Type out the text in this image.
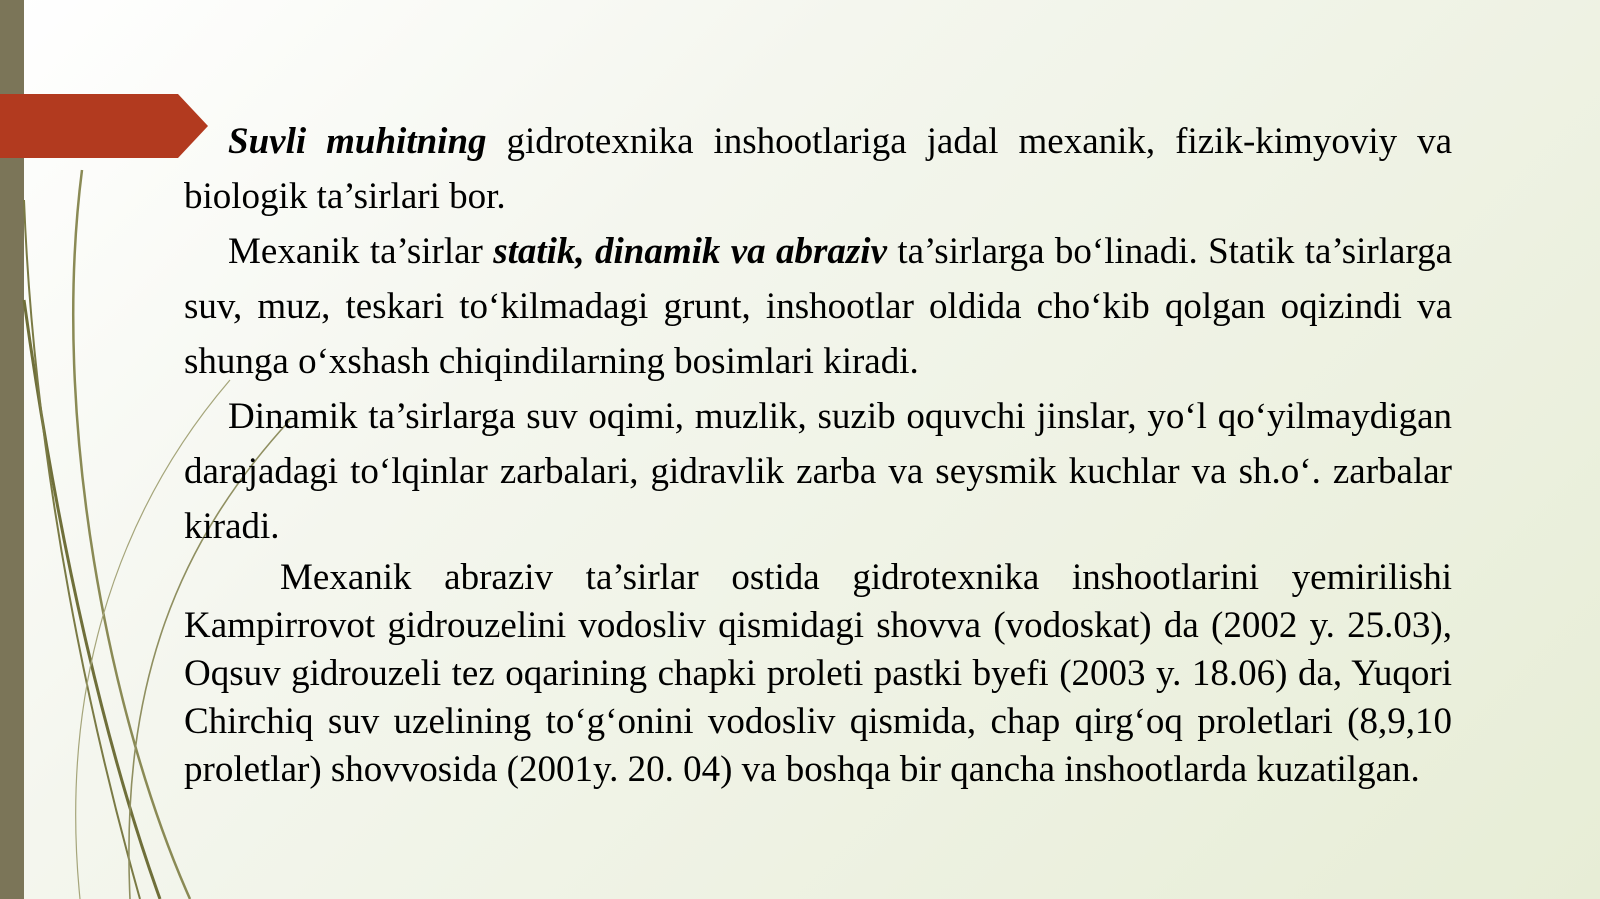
Suvli muhitning gidrotexnika inshootlariga jadal mexanik, fizik-kimyoviy va biologik ta’sirlari bor.

Mexanik ta’sirlar statik, dinamik va abraziv ta’sirlarga bo‘linadi. Statik ta’sirlarga suv, muz, teskari to‘kilmadagi grunt, inshootlar oldida cho‘kib qolgan oqizindi va shunga o‘xshash chiqindilarning bosimlari kiradi.

Dinamik ta’sirlarga suv oqimi, muzlik, suzib oquvchi jinslar, yo‘l qo‘yilmaydigan darajadagi to‘lqinlar zarbalari, gidravlik zarba va seysmik kuchlar va sh.o‘. zarbalar kiradi.

Mexanik abraziv ta’sirlar ostida gidrotexnika inshootlarini yemirilishi Kampirrovot gidrouzelini vodosliv qismidagi shovva (vodoskat) da (2002 y. 25.03), Oqsuv gidrouzeli tez oqarining chapki proleti pastki byefi (2003 y. 18.06) da, Yuqori Chirchiq suv uzelining to‘g‘onini vodosliv qismida, chap qirg‘oq proletlari (8,9,10 proletlar) shovvosida (2001y. 20. 04) va boshqa bir qancha inshootlarda kuzatilgan.
